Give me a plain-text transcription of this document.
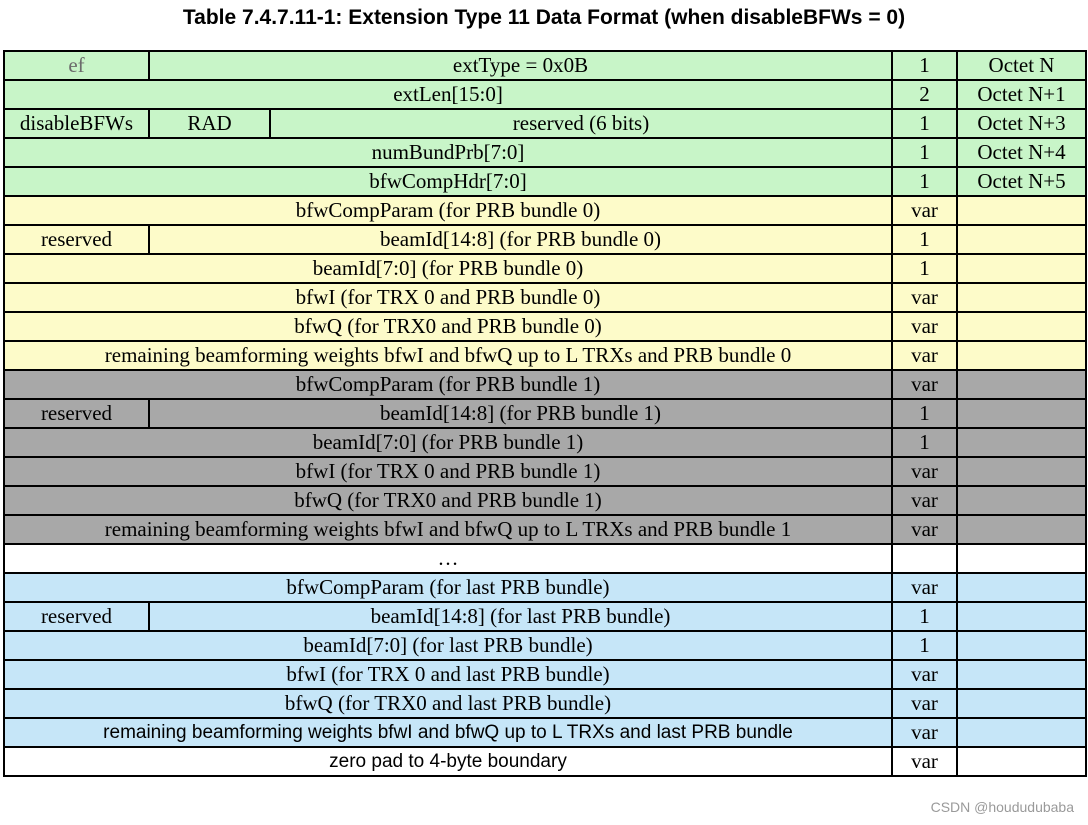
Table 7.4.7.11-1: Extension Type 11 Data Format (when disableBFWs = 0)
ef	extType = 0x0B		1	Octet N
extLen[15:0]			2	Octet N+1
disableBFWs	RAD	reserved (6 bits)	1	Octet N+3
numBundPrb[7:0]			1	Octet N+4
bfwCompHdr[7:0]			1	Octet N+5
bfwCompParam (for PRB bundle 0)			var	
reserved	beamId[14:8] (for PRB bundle 0)		1	
beamId[7:0] (for PRB bundle 0)			1	
bfwI (for TRX 0 and PRB bundle 0)			var	
bfwQ (for TRX0 and PRB bundle 0)			var	
remaining beamforming weights bfwI and bfwQ up to L TRXs and PRB bundle 0			var	
bfwCompParam (for PRB bundle 1)			var	
reserved	beamId[14:8] (for PRB bundle 1)		1	
beamId[7:0] (for PRB bundle 1)			1	
bfwI (for TRX 0 and PRB bundle 1)			var	
bfwQ (for TRX0 and PRB bundle 1)			var	
remaining beamforming weights bfwI and bfwQ up to L TRXs and PRB bundle 1			var	
…				
bfwCompParam (for last PRB bundle)			var	
reserved	beamId[14:8] (for last PRB bundle)		1	
beamId[7:0] (for last PRB bundle)			1	
bfwI (for TRX 0 and last PRB bundle)			var	
bfwQ (for TRX0 and last PRB bundle)			var	
remaining beamforming weights bfwI and bfwQ up to L TRXs and last PRB bundle			var	
zero pad to 4-byte boundary			var	
CSDN @hoududubaba
